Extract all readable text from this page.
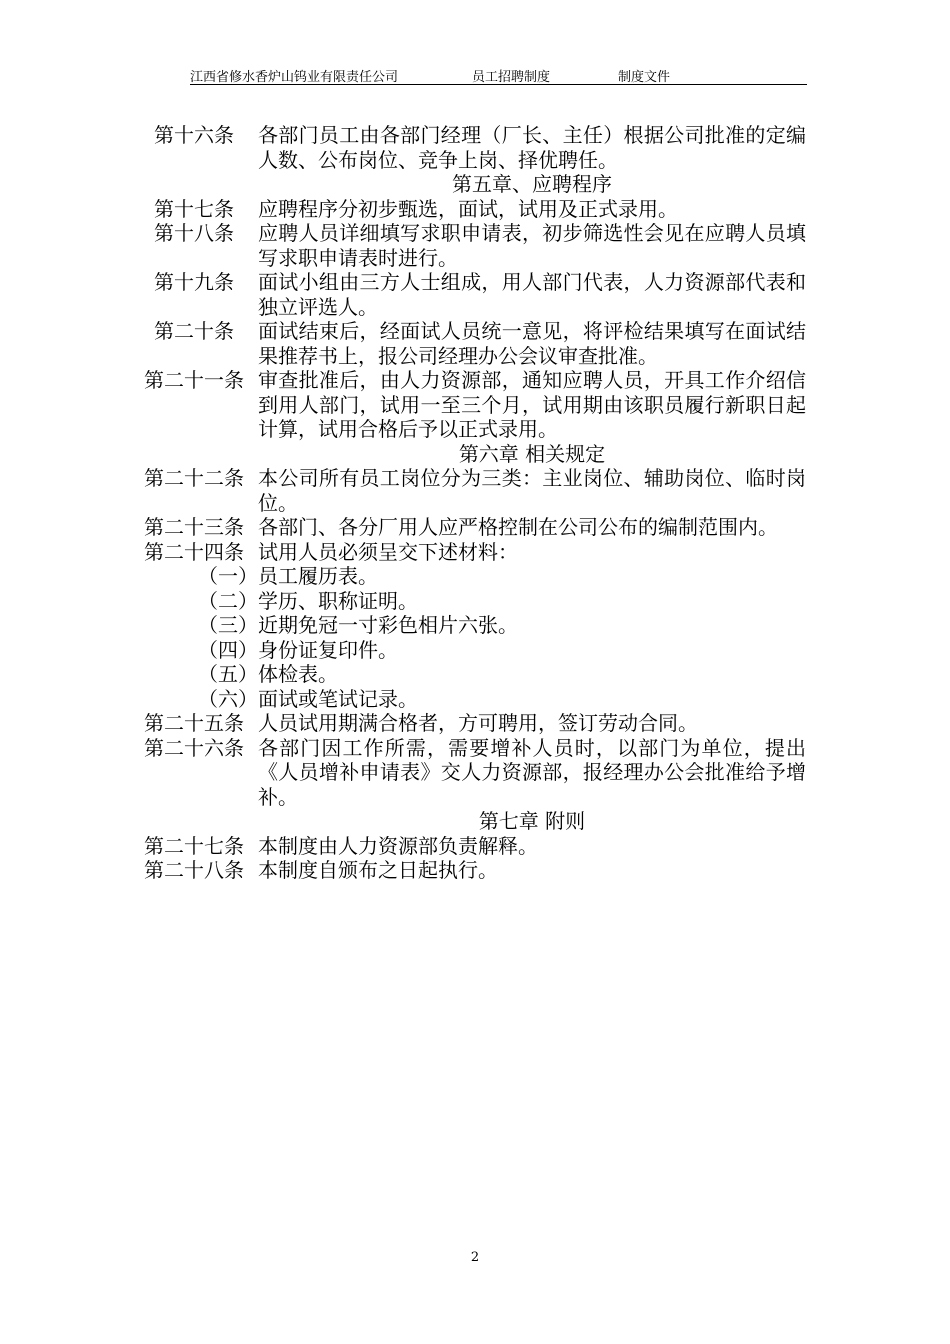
江西省修水香炉山钨业有限责任公司	员工招聘制度	制度文件
第十六条	各部门员工由各部门经理（厂长、主任）根据公司批准的定编人数、公布岗位、竞争上岗、择优聘任。
第五章、应聘程序
第十七条	应聘程序分初步甄选，面试，试用及正式录用。
第十八条	应聘人员详细填写求职申请表，初步筛选性会见在应聘人员填写求职申请表时进行。
第十九条	面试小组由三方人士组成，用人部门代表，人力资源部代表和独立评选人。
第二十条	面试结束后，经面试人员统一意见，将评检结果填写在面试结果推荐书上，报公司经理办公会议审查批准。
第二十一条 审查批准后，由人力资源部，通知应聘人员，开具工作介绍信到用人部门，试用一至三个月，试用期由该职员履行新职日起计算，试用合格后予以正式录用。
第六章 相关规定
第二十二条 本公司所有员工岗位分为三类：主业岗位、辅助岗位、临时岗位。
第二十三条 各部门、各分厂用人应严格控制在公司公布的编制范围内。
第二十四条 试用人员必须呈交下述材料：
（一）员工履历表。
（二）学历、职称证明。
（三）近期免冠一寸彩色相片六张。
（四）身份证复印件。
（五）体检表。
（六）面试或笔试记录。
第二十五条 人员试用期满合格者，方可聘用，签订劳动合同。
第二十六条 各部门因工作所需，需要增补人员时，以部门为单位，提出《人员增补申请表》交人力资源部，报经理办公会批准给予增补。
第七章 附则
第二十七条 本制度由人力资源部负责解释。
第二十八条 本制度自颁布之日起执行。
2
